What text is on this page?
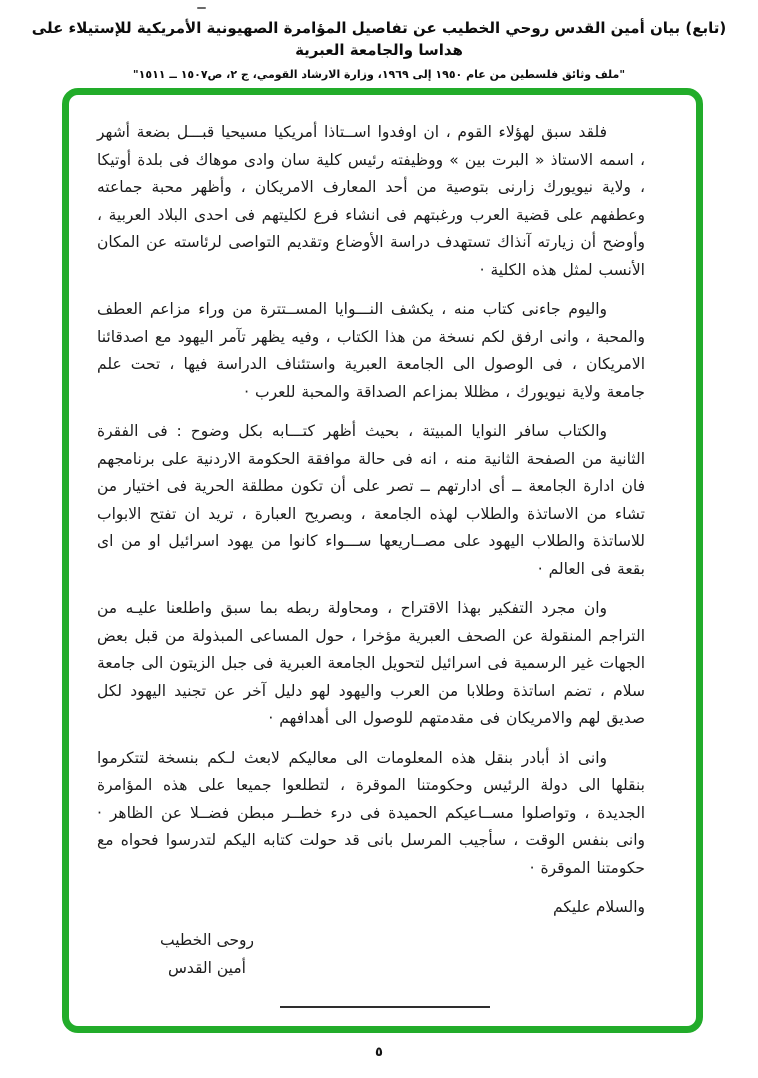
(تابع) بيان أمين القدس روحي الخطيب عن تفاصيل المؤامرة الصهيونية الأمريكية للإستيلاء على هداسا والجامعة العبرية
"ملف وثائق فلسطين من عام ١٩٥٠ إلى ١٩٦٩، وزارة الارشاد القومي، ج ٢، ص١٥٠٧ ــ ١٥١١"

فلقد سبق لهؤلاء القوم ، ان اوفدوا اســتاذا أمريكيا مسيحيا قبـــل بضعة أشهر ، اسمه الاستاذ « البرت بين » ووظيفته رئيس كلية سان وادى موهاك فى بلدة أوتيكا ، ولاية نيويورك زارنى بتوصية من أحد المعارف الامريكان ، وأظهر محبة جماعته وعطفهم على قضية العرب ورغبتهم فى انشاء فرع لكليتهم فى احدى البلاد العربية ، وأوضح أن زيارته آنذاك تستهدف دراسة الأوضاع وتقديم التواصى لرئاسته عن المكان الأنسب لمثل هذه الكلية ·

واليوم جاءنى كتاب منه ، يكشف النـــوايا المســتترة من وراء مزاعم العطف والمحبة ، وانى ارفق لكم نسخة من هذا الكتاب ، وفيه يظهر تآمر اليهود مع اصدقائنا الامريكان ، فى الوصول الى الجامعة العبرية واستئناف الدراسة فيها ، تحت علم جامعة ولاية نيويورك ، مظللا بمزاعم الصداقة والمحبة للعرب ·

والكتاب سافر النوايا المبيتة ، بحيث أظهر كتـــابه بكل وضوح : فى الفقرة الثانية من الصفحة الثانية منه ، انه فى حالة موافقة الحكومة الاردنية على برنامجهم فان ادارة الجامعة ــ أى ادارتهم ــ تصر على أن تكون مطلقة الحرية فى اختيار من تشاء من الاساتذة والطلاب لهذه الجامعة ، وبصريح العبارة ، تريد ان تفتح الابواب للاساتذة والطلاب اليهود على مصــاريعها ســـواء كانوا من يهود اسرائيل او من اى بقعة فى العالم ·

وان مجرد التفكير بهذا الاقتراح ، ومحاولة ربطه بما سبق واطلعنا عليـه من التراجم المنقولة عن الصحف العبرية مؤخرا ، حول المساعى المبذولة من قبل بعض الجهات غير الرسمية فى اسرائيل لتحويل الجامعة العبرية فى جبل الزيتون الى جامعة سلام ، تضم اساتذة وطلابا من العرب واليهود لهو دليل آخر عن تجنيد اليهود لكل صديق لهم والامريكان فى مقدمتهم للوصول الى أهدافهم ·

وانى اذ أبادر بنقل هذه المعلومات الى معاليكم لابعث لـكم بنسخة لتتكرموا بنقلها الى دولة الرئيس وحكومتنا الموقرة ، لتطلعوا جميعا على هذه المؤامرة الجديدة ، وتواصلوا مســاعيكم الحميدة فى درء خطــر مبطن فضــلا عن الظاهر · وانى بنفس الوقت ، سأجيب المرسل بانى قد حولت كتابه اليكم لتدرسوا فحواه مع حكومتنا الموقرة ·

والسلام عليكم
روحى الخطيب
أمين القدس
٥
